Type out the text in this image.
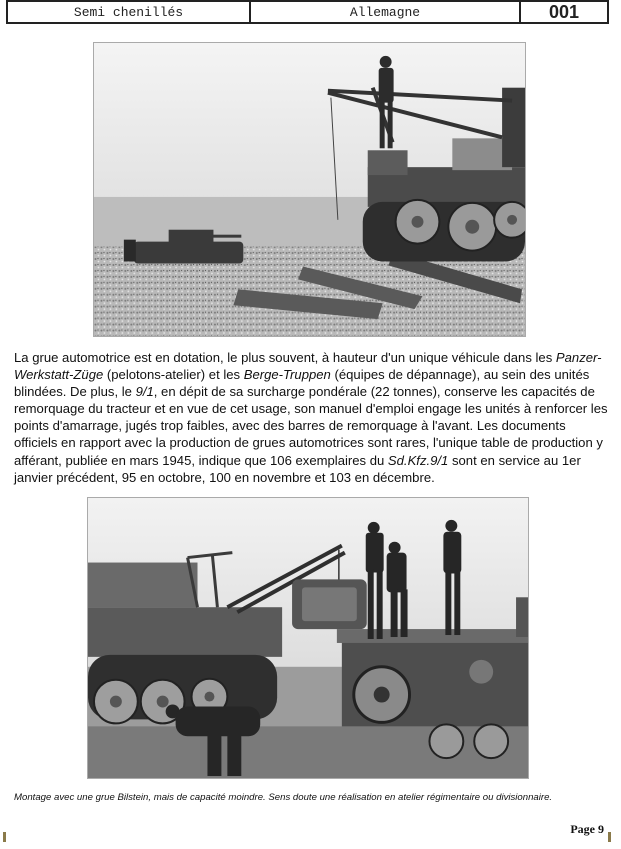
Semi chenillés	Allemagne	001

La grue automotrice est en dotation, le plus souvent, à hauteur d'un unique véhicule dans les Panzer-Werkstatt-Züge (pelotons-atelier) et les Berge-Truppen (équipes de dépannage), au sein des unités blindées. De plus, le 9/1, en dépit de sa surcharge pondérale (22 tonnes), conserve les capacités de remorquage du tracteur et en vue de cet usage, son manuel d'emploi engage les unités à renforcer les points d'amarrage, jugés trop faibles, avec des barres de remorquage à l'avant. Les documents officiels en rapport avec la production de grues automotrices sont rares, l'unique table de production y afférant, publiée en mars 1945, indique que 106 exemplaires du Sd.Kfz.9/1 sont en service au 1er janvier précédent, 95 en octobre, 100 en novembre et 103 en décembre.

Montage avec une grue Bilstein, mais de capacité moindre. Sens doute une réalisation en atelier régimentaire ou divisionnaire.

Page 9
